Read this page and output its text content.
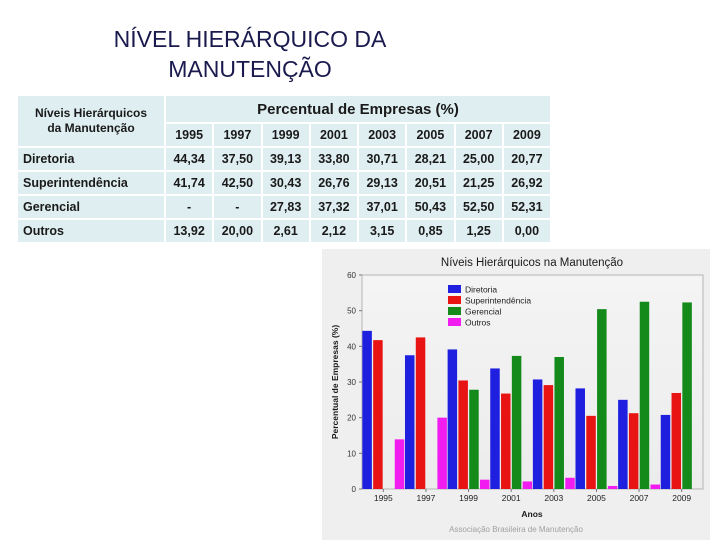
NÍVEL HIERÁRQUICO DA
MANUTENÇÃO
Níveis Hierárquicos
da Manutenção	Percentual de Empresas (%)							
	1995	1997	1999	2001	2003	2005	2007	2009
Diretoria	44,34	37,50	39,13	33,80	30,71	28,21	25,00	20,77
Superintendência	41,74	42,50	30,43	26,76	29,13	20,51	21,25	26,92
Gerencial	-	-	27,83	37,32	37,01	50,43	52,50	52,31
Outros	13,92	20,00	2,61	2,12	3,15	0,85	1,25	0,00
Níveis Hierárquicos na Manutenção
Percentual de Empresas (%)
Anos
Associação Brasileira de Manutenção
0
10
20
30
40
50
60
1995	1997	1999	2001	2003	2005	2007	2009
Diretoria
Superintendência
Gerencial
Outros
